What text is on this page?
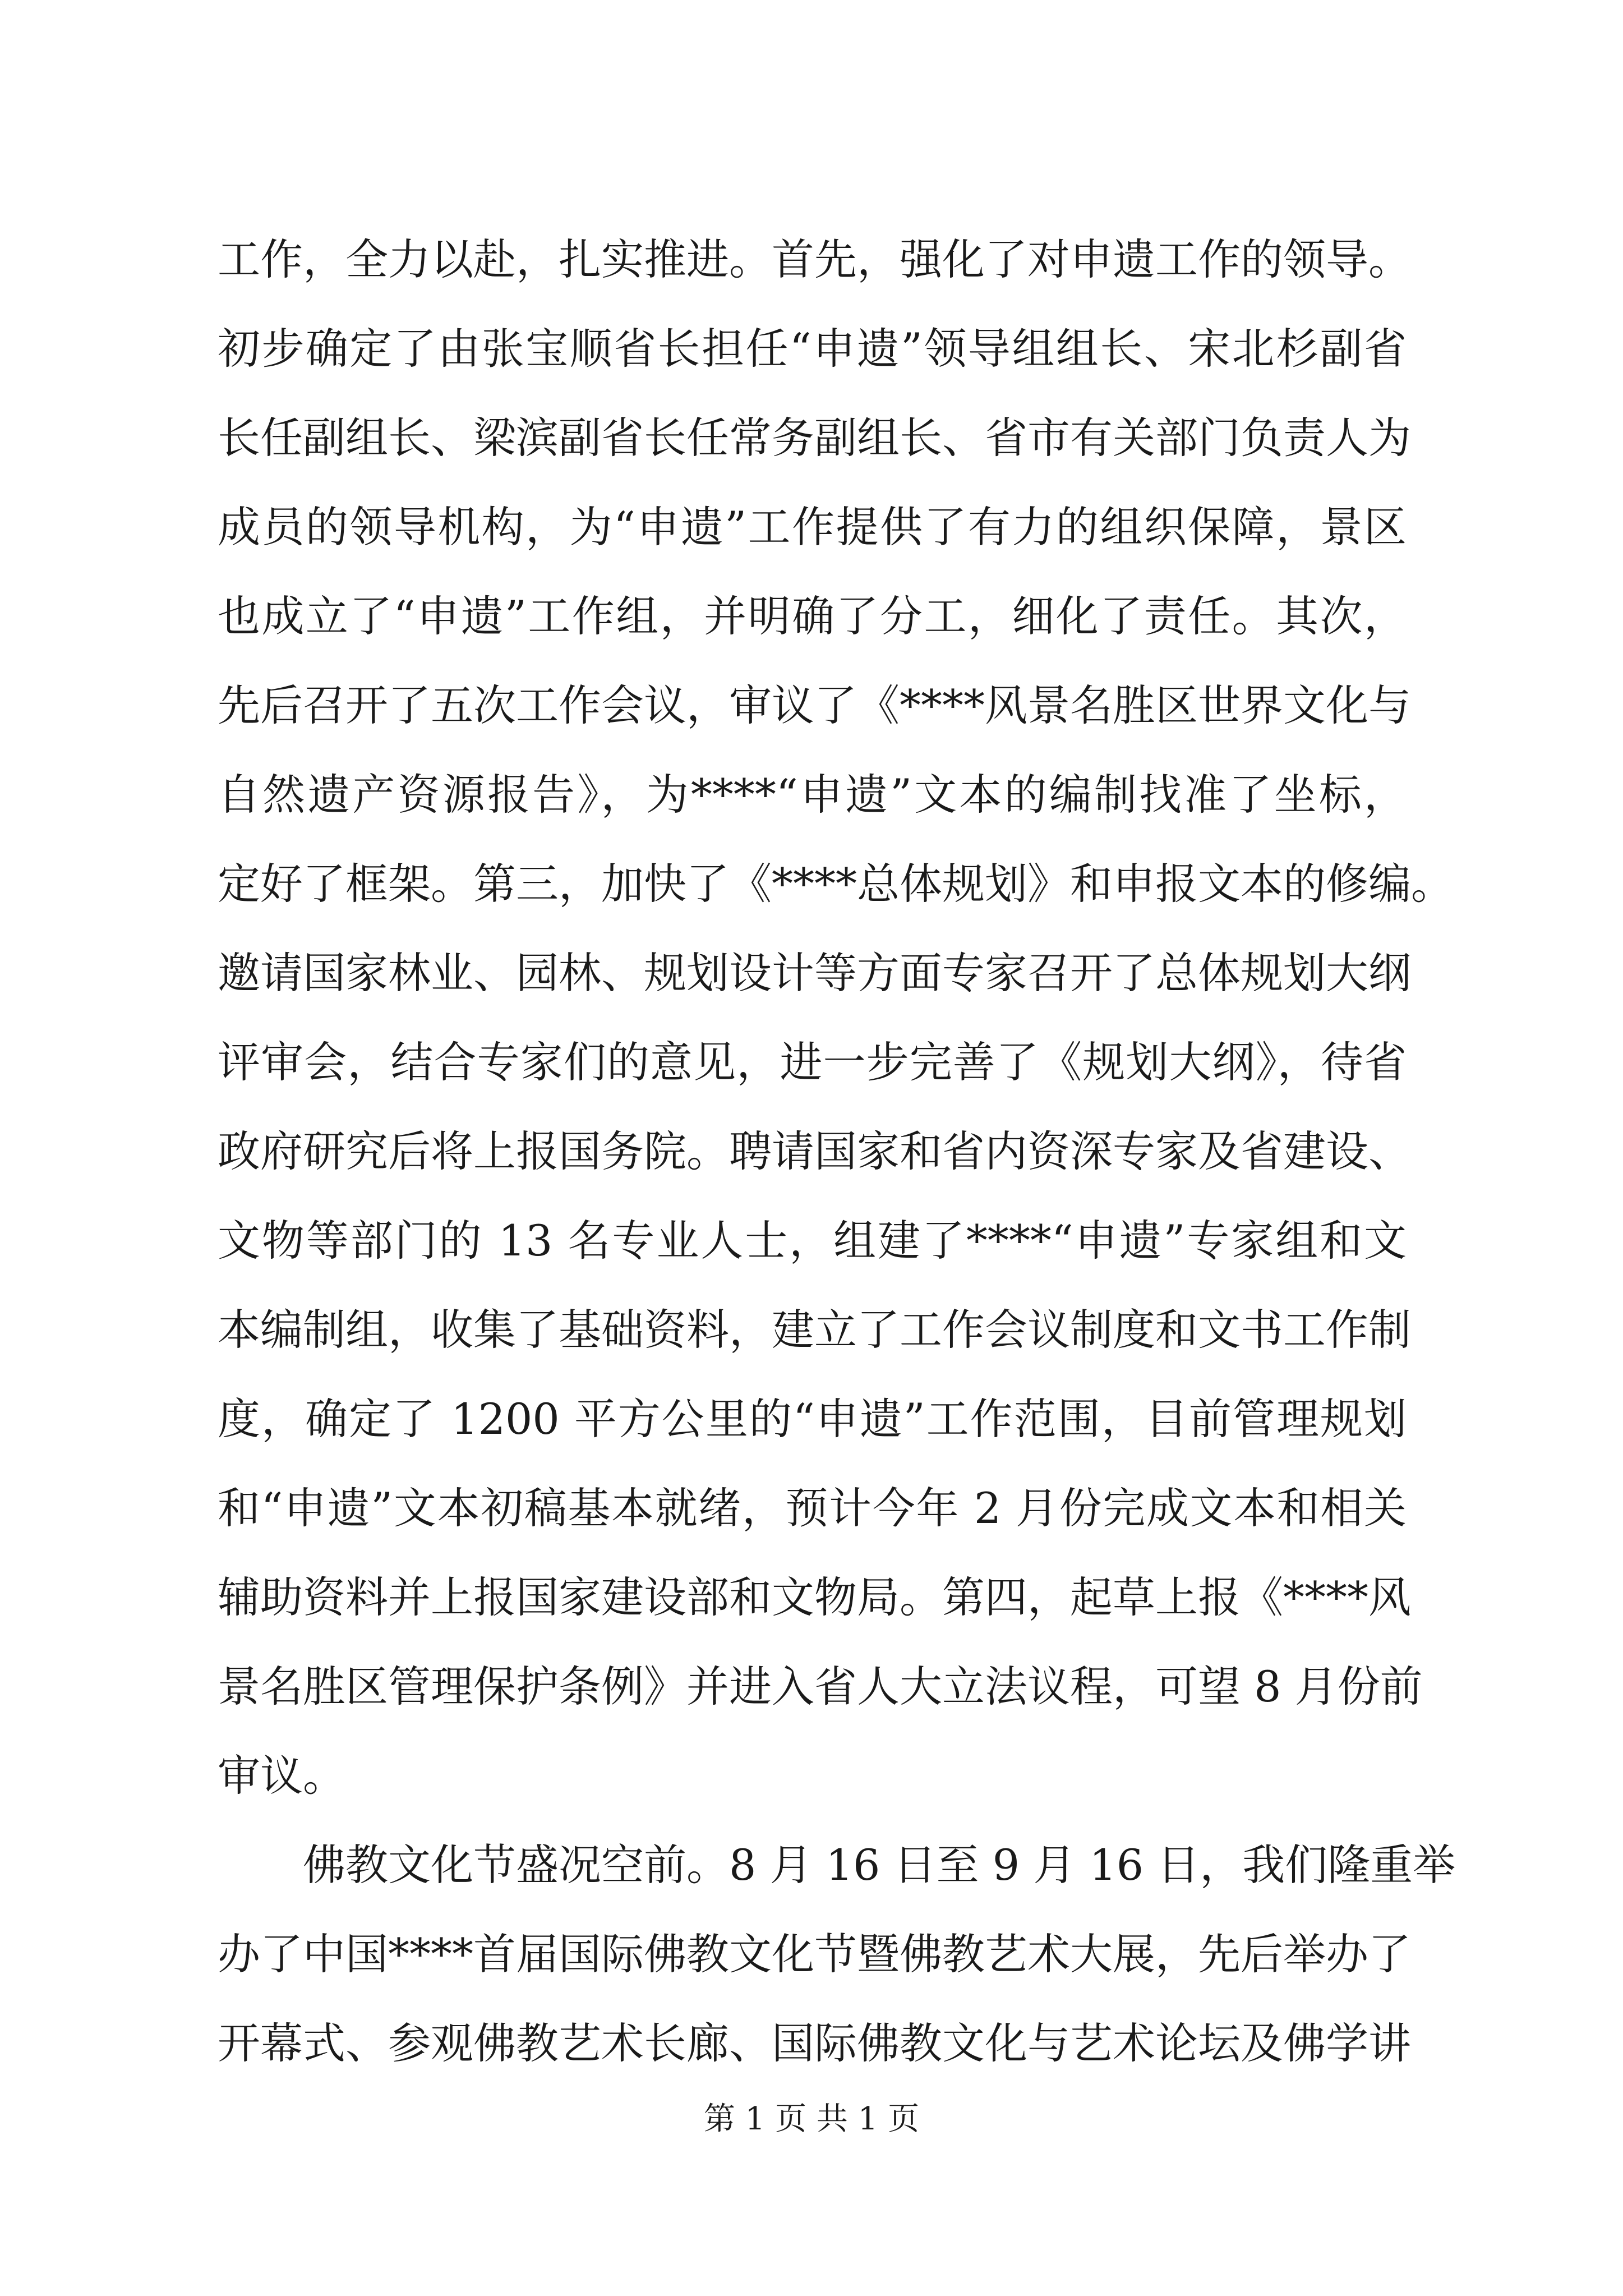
工作，全力以赴，扎实推进。首先，强化了对申遗工作的领导。
初步确定了由张宝顺省长担任“申遗”领导组组长、宋北杉副省
长任副组长、梁滨副省长任常务副组长、省市有关部门负责人为
成员的领导机构，为“申遗”工作提供了有力的组织保障，景区
也成立了“申遗”工作组，并明确了分工，细化了责任。其次，
先后召开了五次工作会议，审议了《****风景名胜区世界文化与
自然遗产资源报告》，为****“申遗”文本的编制找准了坐标，
定好了框架。第三，加快了《****总体规划》和申报文本的修编。
邀请国家林业、园林、规划设计等方面专家召开了总体规划大纲
评审会，结合专家们的意见，进一步完善了《规划大纲》，待省
政府研究后将上报国务院。聘请国家和省内资深专家及省建设、
文物等部门的 13 名专业人士，组建了****“申遗”专家组和文
本编制组，收集了基础资料，建立了工作会议制度和文书工作制
度，确定了 1200 平方公里的“申遗”工作范围，目前管理规划
和“申遗”文本初稿基本就绪，预计今年 2 月份完成文本和相关
辅助资料并上报国家建设部和文物局。第四，起草上报《****风
景名胜区管理保护条例》并进入省人大立法议程，可望 8 月份前
审议。
佛教文化节盛况空前。8 月 16 日至 9 月 16 日，我们隆重举
办了中国****首届国际佛教文化节暨佛教艺术大展，先后举办了
开幕式、参观佛教艺术长廊、国际佛教文化与艺术论坛及佛学讲
第 1 页 共 1 页
